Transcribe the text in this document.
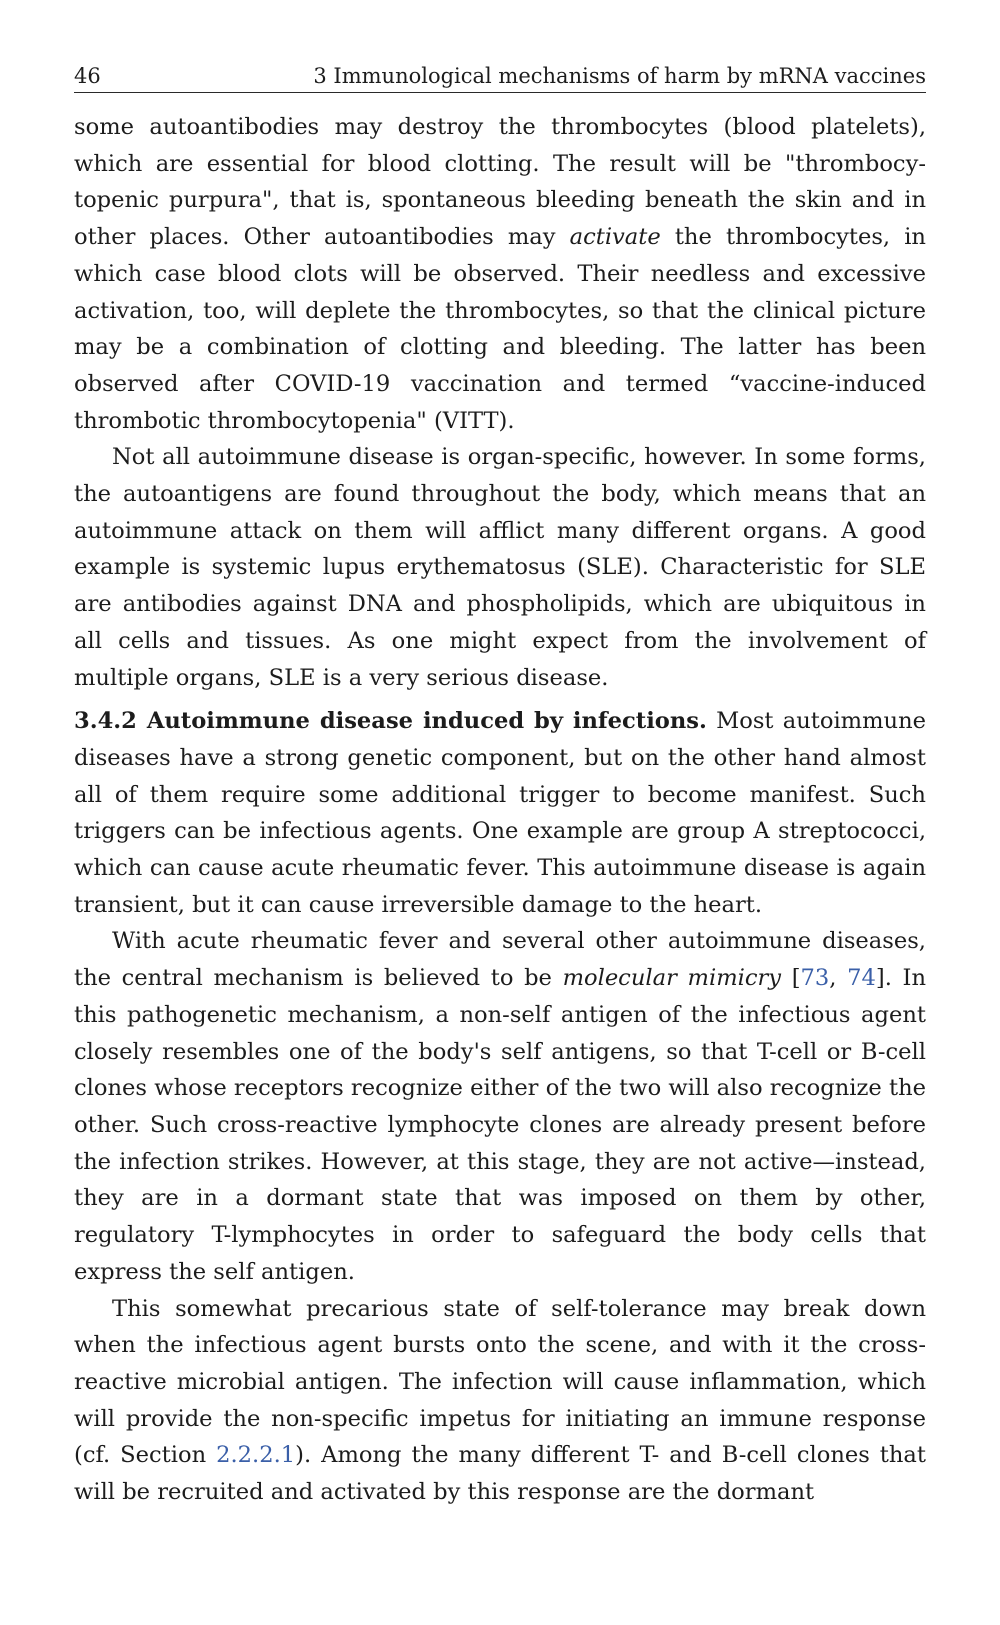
46	3 Immunological mechanisms of harm by mRNA vaccines

some autoantibodies may destroy the thrombocytes (blood platelets), which are essential for blood clotting. The result will be "thrombocytopenic purpura", that is, spontaneous bleeding beneath the skin and in other places. Other autoantibodies may activate the thrombocytes, in which case blood clots will be observed. Their needless and excessive activation, too, will deplete the thrombocytes, so that the clinical picture may be a combination of clotting and bleeding. The latter has been observed after COVID-19 vaccination and termed “vaccine-induced thrombotic thrombocytopenia" (VITT).

Not all autoimmune disease is organ-specific, however. In some forms, the autoantigens are found throughout the body, which means that an autoimmune attack on them will afflict many different organs. A good example is systemic lupus erythematosus (SLE). Characteristic for SLE are antibodies against DNA and phospholipids, which are ubiquitous in all cells and tissues. As one might expect from the involvement of multiple organs, SLE is a very serious disease.

3.4.2 Autoimmune disease induced by infections. Most autoimmune diseases have a strong genetic component, but on the other hand almost all of them require some additional trigger to become manifest. Such triggers can be infectious agents. One example are group A streptococci, which can cause acute rheumatic fever. This autoimmune disease is again transient, but it can cause irreversible damage to the heart.

With acute rheumatic fever and several other autoimmune diseases, the central mechanism is believed to be molecular mimicry [73, 74]. In this pathogenetic mechanism, a non-self antigen of the infectious agent closely resembles one of the body's self antigens, so that T-cell or B-cell clones whose receptors recognize either of the two will also recognize the other. Such cross-reactive lymphocyte clones are already present before the infection strikes. However, at this stage, they are not active—instead, they are in a dormant state that was imposed on them by other, regulatory T-lymphocytes in order to safeguard the body cells that express the self antigen.

This somewhat precarious state of self-tolerance may break down when the infectious agent bursts onto the scene, and with it the cross-reactive microbial antigen. The infection will cause inflammation, which will provide the non-specific impetus for initiating an immune response (cf. Section 2.2.2.1). Among the many different T- and B-cell clones that will be recruited and activated by this response are the dormant
